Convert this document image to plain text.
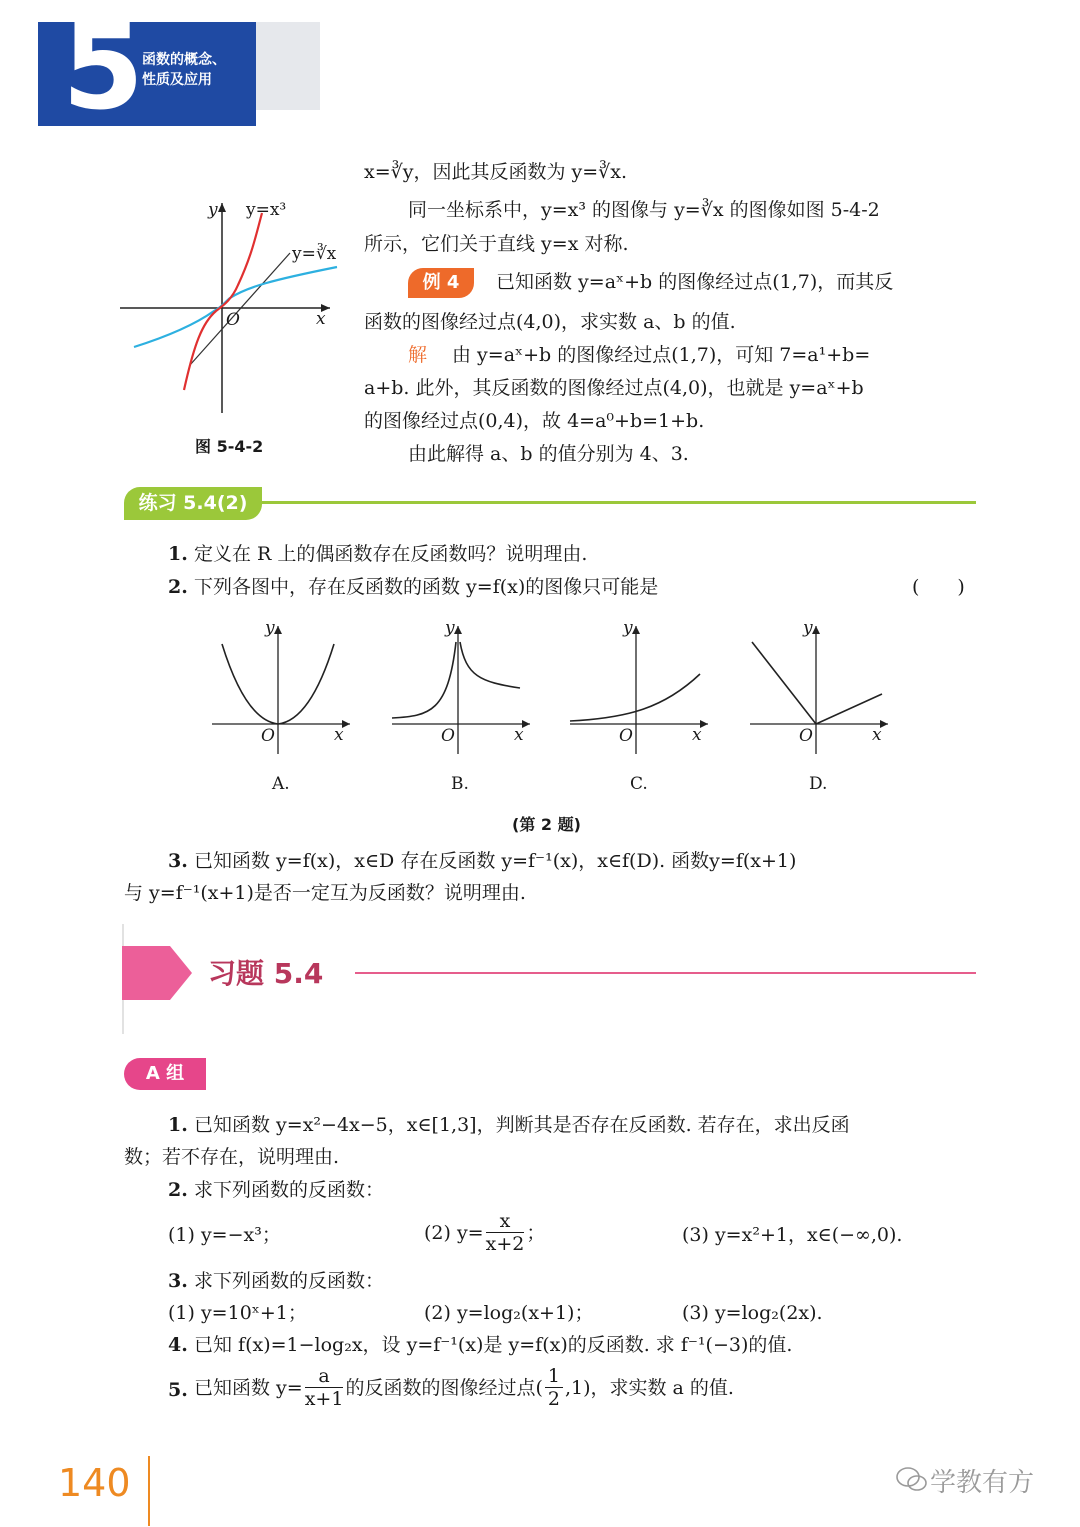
5
函数的概念、
性质及应用
y=x³
y=∛x
y
x
O
图 5-4-2
x=∛y，因此其反函数为 y=∛x.
同一坐标系中，y=x³ 的图像与 y=∛x 的图像如图 5-4-2
所示，它们关于直线 y=x 对称.
例 4	已知函数 y=aˣ+b 的图像经过点(1,7)，而其反
函数的图像经过点(4,0)，求实数 a、b 的值.
解 由 y=aˣ+b 的图像经过点(1,7)，可知 7=a¹+b=
a+b. 此外，其反函数的图像经过点(4,0)，也就是 y=aˣ+b
的图像经过点(0,4)，故 4=a⁰+b=1+b.
由此解得 a、b 的值分别为 4、3.
练习 5.4(2)
1. 定义在 R 上的偶函数存在反函数吗？说明理由.
2. 下列各图中，存在反函数的函数 y=f(x)的图像只可能是	(　　)
y
x
O
A.
y
x
O
B.
y
x
O
C.
y
x
O
D.
(第 2 题)
3. 已知函数 y=f(x)，x∈D 存在反函数 y=f⁻¹(x)，x∈f(D). 函数y=f(x+1)
与 y=f⁻¹(x+1)是否一定互为反函数？说明理由.
习题 5.4
A 组
1. 已知函数 y=x²−4x−5，x∈[1,3]，判断其是否存在反函数. 若存在，求出反函
数；若不存在，说明理由.
2. 求下列函数的反函数：
(1) y=−x³；	(2) $y= \frac{x}{x+2}$ ；	(3) y=x²+1，x∈(−∞,0).
3. 求下列函数的反函数：
(1) y=10ˣ+1；	(2) y=log₂(x+1)；	(3) y=log₂(2x).
4. 已知 f(x)=1−log₂x，设 y=f⁻¹(x)是 y=f(x)的反函数. 求 f⁻¹(−3)的值.
5. 已知函数 $y= \frac{a}{x+1}$ 的反函数的图像经过点( $\frac{1}{2} ,1$)，求实数 a 的值.
140	学教有方
